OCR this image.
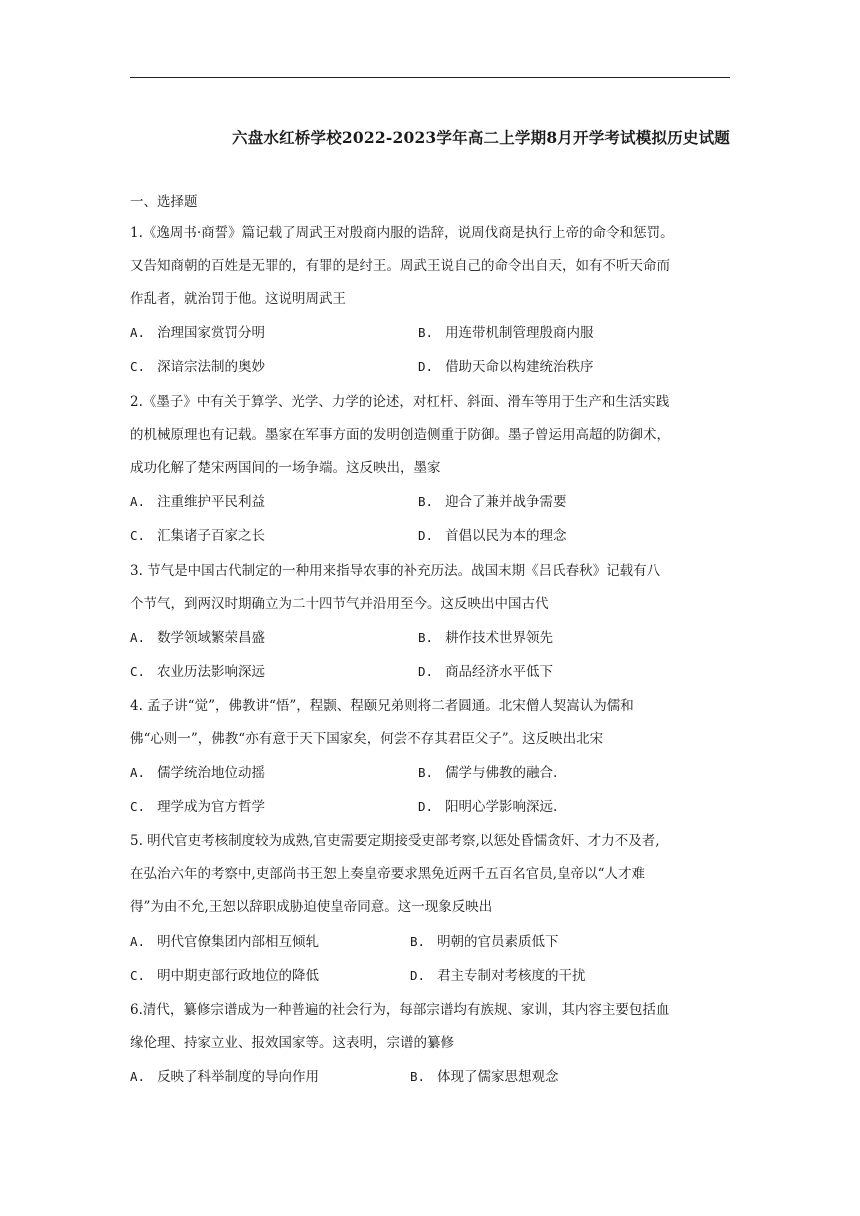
六盘水红桥学校2022-2023学年高二上学期8月开学考试模拟历史试题
一、选择题
1.《逸周书·商誓》篇记载了周武王对殷商内服的诰辞，说周伐商是执行上帝的命令和惩罚。
又告知商朝的百姓是无罪的，有罪的是纣王。周武王说自己的命令出自天，如有不听天命而
作乱者，就治罚于他。这说明周武王
A. 治理国家赏罚分明	B. 用连带机制管理殷商内服
C. 深谙宗法制的奥妙	D. 借助天命以构建统治秩序
2.《墨子》中有关于算学、光学、力学的论述，对杠杆、斜面、滑车等用于生产和生活实践
的机械原理也有记载。墨家在军事方面的发明创造侧重于防御。墨子曾运用高超的防御术，
成功化解了楚宋两国间的一场争端。这反映出，墨家
A. 注重维护平民利益	B. 迎合了兼并战争需要
C. 汇集诸子百家之长	D. 首倡以民为本的理念
3. 节气是中国古代制定的一种用来指导农事的补充历法。战国末期《吕氏春秋》记载有八
个节气，到两汉时期确立为二十四节气并沿用至今。这反映出中国古代
A. 数学领域繁荣昌盛	B. 耕作技术世界领先
C. 农业历法影响深远	D. 商品经济水平低下
4. 孟子讲“觉”，佛教讲“悟”，程颢、程颐兄弟则将二者圆通。北宋僧人契嵩认为儒和
佛“心则一”，佛教“亦有意于天下国家矣，何尝不存其君臣父子”。这反映出北宋
A. 儒学统治地位动摇	B. 儒学与佛教的融合.
C. 理学成为官方哲学	D. 阳明心学影响深远.
5. 明代官吏考核制度较为成熟,官吏需要定期接受吏部考察,以惩处昏懦贪奸、才力不及者,
在弘治六年的考察中,吏部尚书王恕上奏皇帝要求黑免近两千五百名官员,皇帝以“人才难
得”为由不允,王恕以辞职成胁迫使皇帝同意。这一现象反映出
A. 明代官僚集团内部相互倾轧	B. 明朝的官员素质低下
C. 明中期吏部行政地位的降低	D. 君主专制对考核度的干扰
6.清代，纂修宗谱成为一种普遍的社会行为，每部宗谱均有族规、家训，其内容主要包括血
缘伦理、持家立业、报效国家等。这表明，宗谱的纂修
A. 反映了科举制度的导向作用	B. 体现了儒家思想观念
